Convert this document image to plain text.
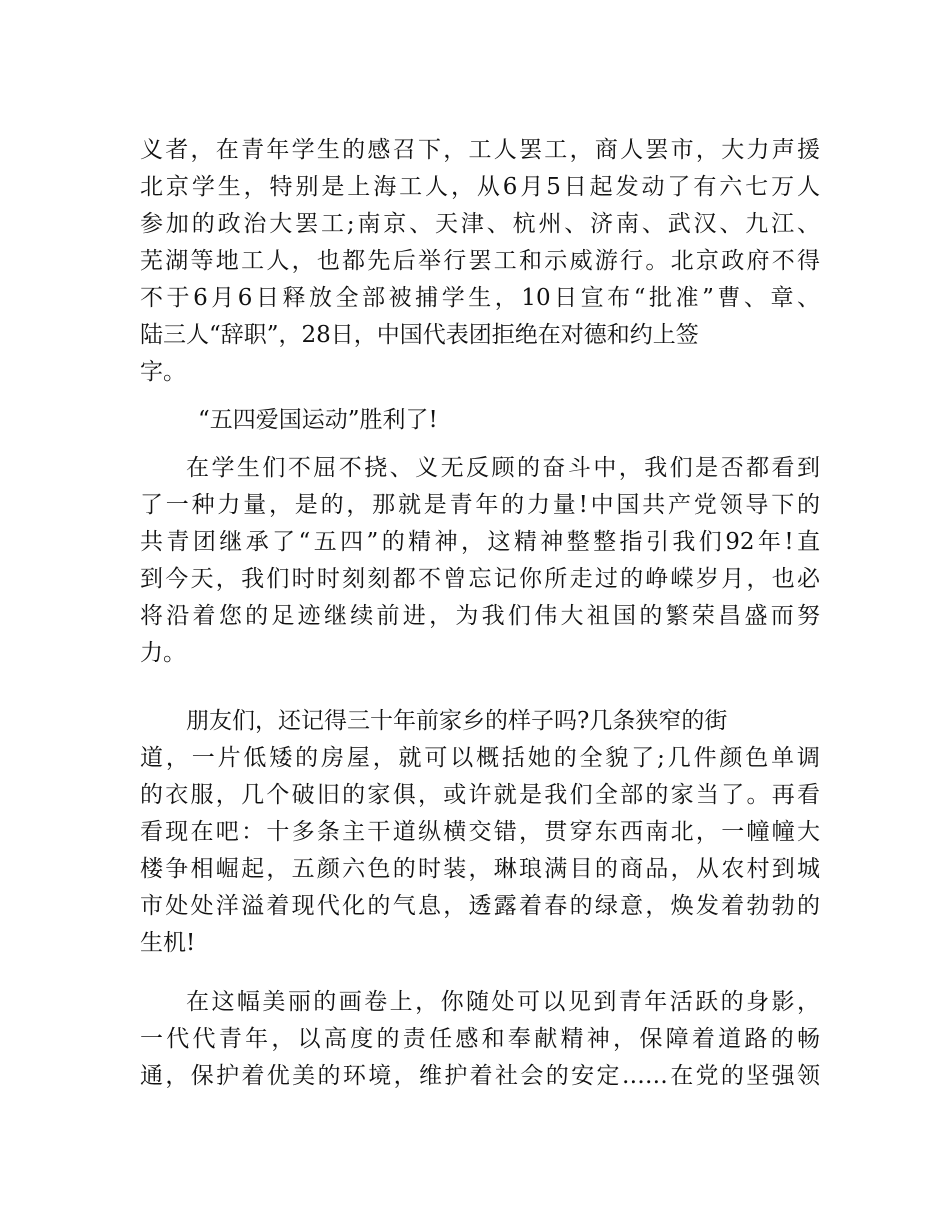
义者，在青年学生的感召下，工人罢工，商人罢市，大力声援
北京学生，特别是上海工人，从6月5日起发动了有六七万人
参加的政治大罢工;南京、天津、杭州、济南、武汉、九江、
芜湖等地工人，也都先后举行罢工和示威游行。北京政府不得
不于6月6日释放全部被捕学生，10日宣布“批准”曹、章、
陆三人“辞职”，28日，中国代表团拒绝在对德和约上签
字。
“五四爱国运动”胜利了!
在学生们不屈不挠、义无反顾的奋斗中，我们是否都看到
了一种力量，是的，那就是青年的力量!中国共产党领导下的
共青团继承了“五四”的精神，这精神整整指引我们92年!直
到今天，我们时时刻刻都不曾忘记你所走过的峥嵘岁月，也必
将沿着您的足迹继续前进，为我们伟大祖国的繁荣昌盛而努
力。
朋友们，还记得三十年前家乡的样子吗?几条狭窄的街
道，一片低矮的房屋，就可以概括她的全貌了;几件颜色单调
的衣服，几个破旧的家俱，或许就是我们全部的家当了。再看
看现在吧：十多条主干道纵横交错，贯穿东西南北，一幢幢大
楼争相崛起，五颜六色的时装，琳琅满目的商品，从农村到城
市处处洋溢着现代化的气息，透露着春的绿意，焕发着勃勃的
生机!
在这幅美丽的画卷上，你随处可以见到青年活跃的身影，
一代代青年，以高度的责任感和奉献精神，保障着道路的畅
通，保护着优美的环境，维护着社会的安定……在党的坚强领
